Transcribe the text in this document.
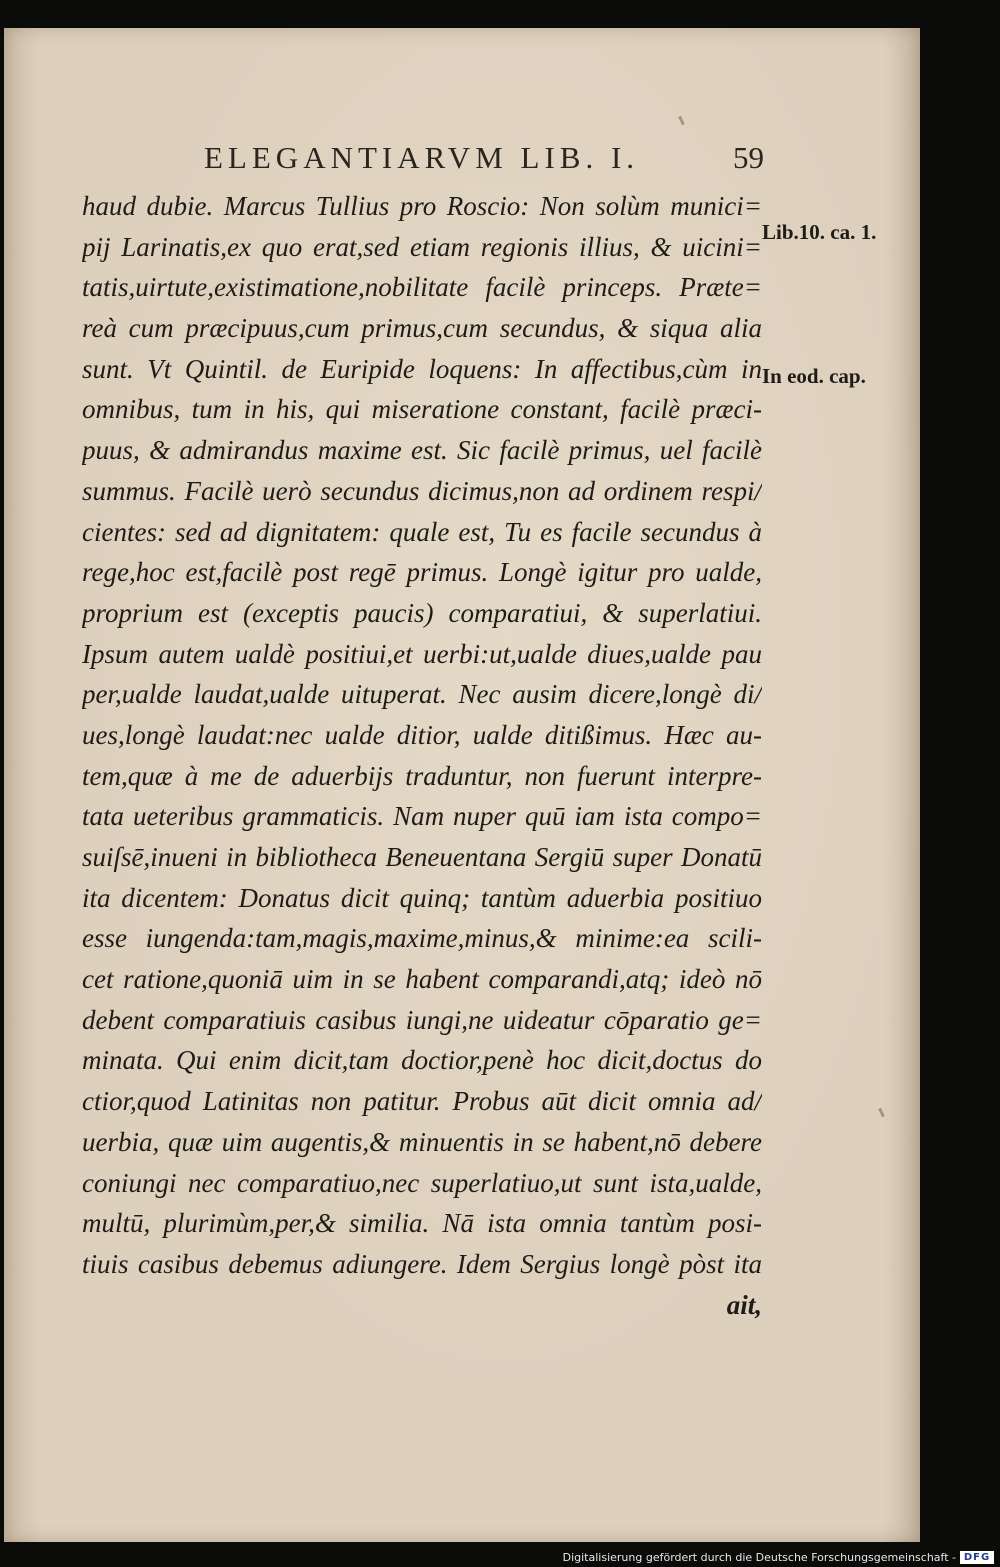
ELEGANTIARVM LIB. I.	59
haud dubie. Marcus Tullius pro Roscio: Non solùm munici=
pij Larinatis,ex quo erat,sed etiam regionis illius, & uicini=
tatis,uirtute,existimatione,nobilitate facilè princeps. Præte=
reà cum præcipuus,cum primus,cum secundus, & siqua alia
sunt. Vt Quintil. de Euripide loquens: In affectibus,cùm in
omnibus, tum in his, qui miseratione constant, facilè præci-
puus, & admirandus maxime est. Sic facilè primus, uel facilè
summus. Facilè uerò secundus dicimus,non ad ordinem respi/
cientes: sed ad dignitatem: quale est, Tu es facile secundus à
rege,hoc est,facilè post regē primus. Longè igitur pro ualde,
proprium est (exceptis paucis) comparatiui, & superlatiui.
Ipsum autem ualdè positiui,et uerbi:ut,ualde diues,ualde pau
per,ualde laudat,ualde uituperat. Nec ausim dicere,longè di/
ues,longè laudat:nec ualde ditior, ualde ditißimus. Hæc au-
tem,quæ à me de aduerbijs traduntur, non fuerunt interpre-
tata ueteribus grammaticis. Nam nuper quū iam ista compo=
suiſsē,inueni in bibliotheca Beneuentana Sergiū super Donatū
ita dicentem: Donatus dicit quinq; tantùm aduerbia positiuo
esse iungenda:tam,magis,maxime,minus,& minime:ea scili-
cet ratione,quoniā uim in se habent comparandi,atq; ideò nō
debent comparatiuis casibus iungi,ne uideatur cōparatio ge=
minata. Qui enim dicit,tam doctior,penè hoc dicit,doctus do
ctior,quod Latinitas non patitur. Probus aūt dicit omnia ad/
uerbia, quæ uim augentis,& minuentis in se habent,nō debere
coniungi nec comparatiuo,nec superlatiuo,ut sunt ista,ualde,
multū, plurimùm,per,& similia. Nā ista omnia tantùm posi-
tiuis casibus debemus adiungere. Idem Sergius longè pòst ita
ait,
Lib.10. ca. 1.
In eod. cap.
Digitalisierung gefördert durch die Deutsche Forschungsgemeinschaft - DFG
